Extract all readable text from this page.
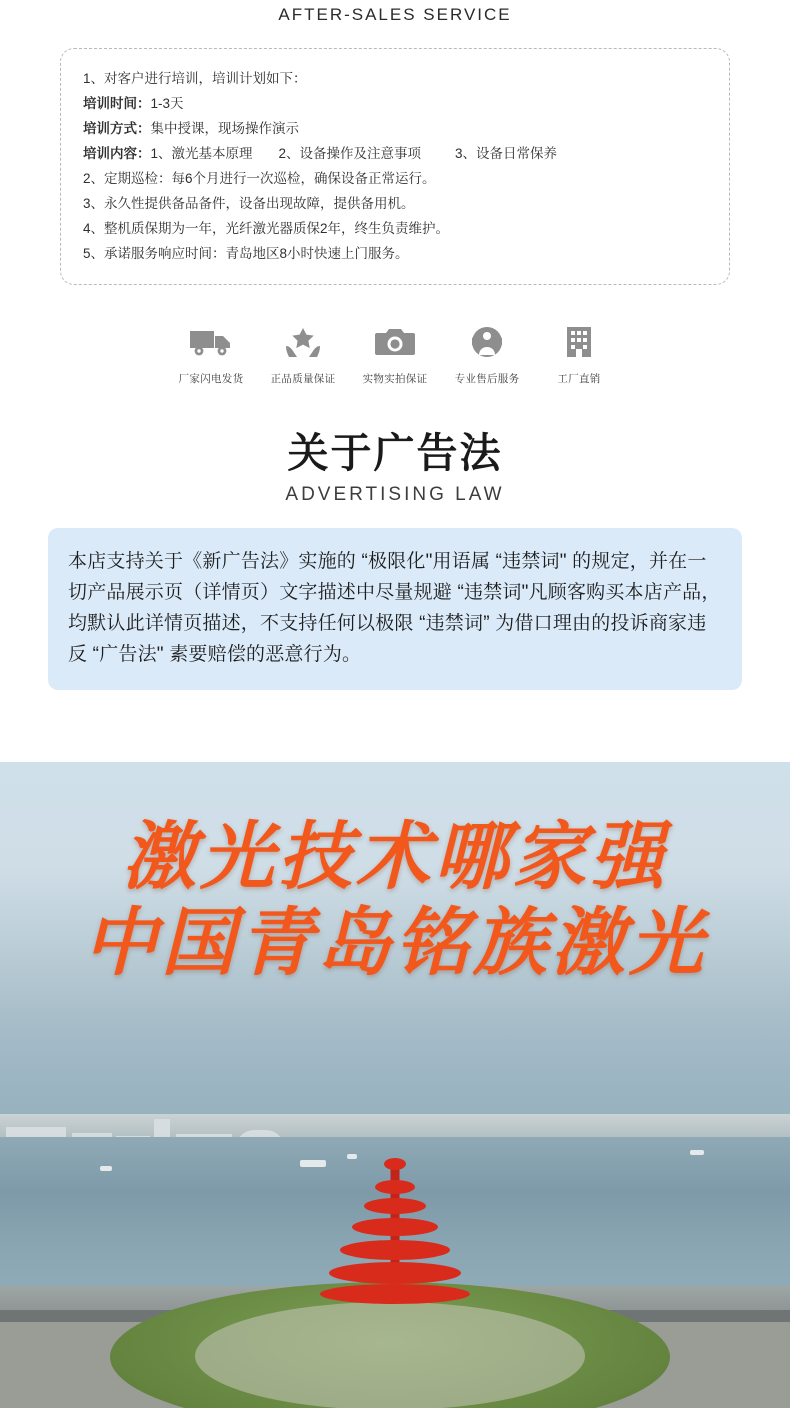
AFTER-SALES SERVICE
1、对客户进行培训，培训计划如下：
培训时间：1-3天
培训方式：集中授课，现场操作演示
培训内容：1、激光基本原理 2、设备操作及注意事项	3、设备日常保养
2、定期巡检：每6个月进行一次巡检，确保设备正常运行。
3、永久性提供备品备件，设备出现故障，提供备用机。
4、整机质保期为一年，光纤激光器质保2年，终生负责维护。
5、承诺服务响应时间：青岛地区8小时快速上门服务。
厂家闪电发货	正品质量保证	实物实拍保证	专业售后服务	工厂直销
关于广告法
ADVERTISING LAW
本店支持关于《新广告法》实施的 “极限化"用语属 “违禁词" 的规定，并在一切产品展示页（详情页）文字描述中尽量规避 “违禁词"凡顾客购买本店产品，均默认此详情页描述，不支持任何以极限 “违禁词” 为借口理由的投诉商家违反 “广告法" 素要赔偿的恶意行为。
激光技术哪家强
中国青岛铭族激光
